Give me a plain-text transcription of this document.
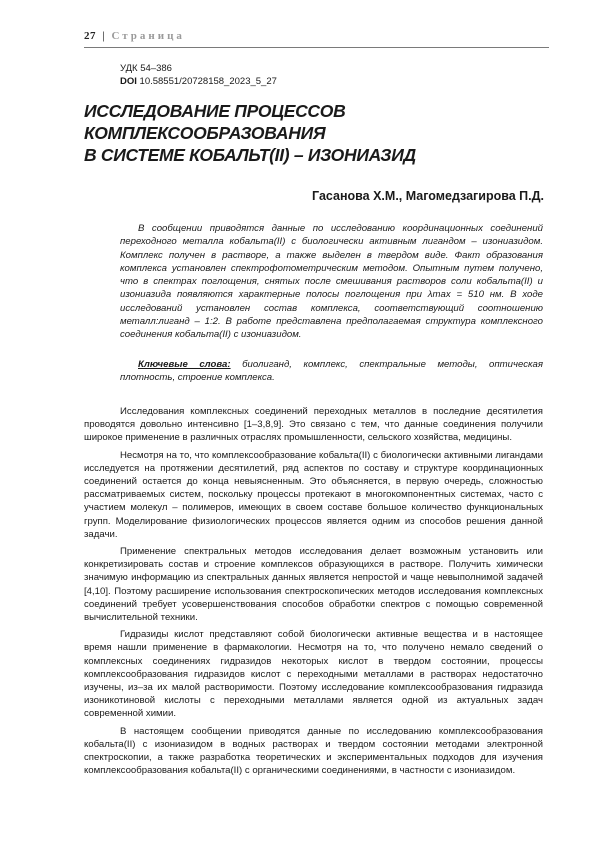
27 | Страница
УДК 54–386
DOI 10.58551/20728158_2023_5_27
ИССЛЕДОВАНИЕ ПРОЦЕССОВ
КОМПЛЕКСООБРАЗОВАНИЯ
В СИСТЕМЕ КОБАЛЬТ(II) – ИЗОНИАЗИД
Гасанова Х.М., Магомедзагирова П.Д.

В сообщении приводятся данные по исследованию координационных соединений переходного металла кобальта(II) с биологически активным лигандом – изониазидом. Комплекс получен в растворе, а также выделен в твердом виде. Факт образования комплекса установлен спектрофотометрическим методом. Опытным путем получено, что в спектрах поглощения, снятых после смешивания растворов соли кобальта(II) и изониазида появляются характерные полосы поглощения при λmax = 510 нм. В ходе исследований установлен состав комплекса, соответствующий соотношению металл:лиганд – 1:2. В работе представлена предполагаемая структура комплексного соединения кобальта(II) с изониазидом.

Ключевые слова: биолиганд, комплекс, спектральные методы, оптическая плотность, строение комплекса.

Исследования комплексных соединений переходных металлов в последние десятилетия проводятся довольно интенсивно [1–3,8,9]. Это связано с тем, что данные соединения получили широкое применение в различных отраслях промышленности, сельского хозяйства, медицины.

Несмотря на то, что комплексообразование кобальта(II) с биологически активными лигандами исследуется на протяжении десятилетий, ряд аспектов по составу и структуре координационных соединений остается до конца невыясненным. Это объясняется, в первую очередь, сложностью рассматриваемых систем, поскольку процессы протекают в многокомпонентных системах, часто с участием молекул – полимеров, имеющих в своем составе большое количество функциональных групп. Моделирование физиологических процессов является одним из способов решения данной задачи.

Применение спектральных методов исследования делает возможным установить или конкретизировать состав и строение комплексов образующихся в растворе. Получить химически значимую информацию из спектральных данных является непростой и чаще невыполнимой задачей [4,10]. Поэтому расширение использования спектроскопических методов исследования комплексных соединений требует усовершенствования способов обработки спектров с помощью современной вычислительной техники.

Гидразиды кислот представляют собой биологически активные вещества и в настоящее время нашли применение в фармакологии. Несмотря на то, что получено немало сведений о комплексных соединениях гидразидов некоторых кислот в твердом состоянии, процессы комплексообразования гидразидов кислот с переходными металлами в растворах недостаточно изучены, из–за их малой растворимости. Поэтому исследование комплексообразования гидразида изоникотиновой кислоты с переходными металлами является одной из актуальных задач современной химии.

В настоящем сообщении приводятся данные по исследованию комплексообразования кобальта(II) с изониазидом в водных растворах и твердом состоянии методами электронной спектроскопии, а также разработка теоретических и экспериментальных подходов для изучения комплексообразования кобальта(II) с органическими соединениями, в частности с изониазидом.
